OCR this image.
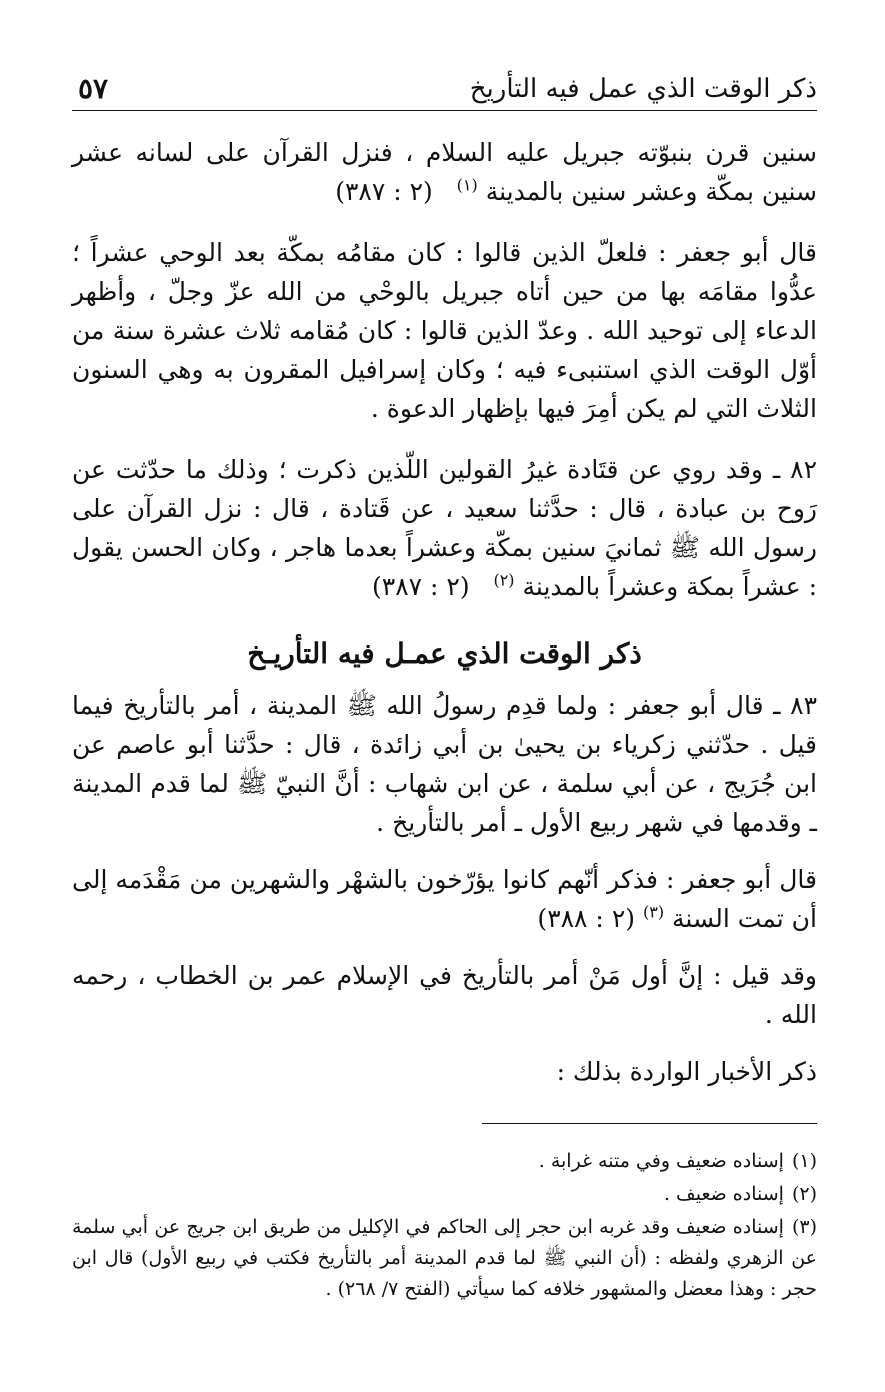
ذكر الوقت الذي عمل فيه التأريخ
٥٧

سنين قرن بنبوّته جبريل عليه السلام ، فنزل القرآن على لسانه عشر سنين بمكّة وعشر سنين بالمدينة $^{(١)}$   (٢ : ٣٨٧)

قال أبو جعفر : فلعلّ الذين قالوا : كان مقامُه بمكّة بعد الوحي عشراً ؛ عدُّوا مقامَه بها من حين أتاه جبريل بالوحْي من الله عزّ وجلّ ، وأظهر الدعاء إلى توحيد الله . وعدّ الذين قالوا : كان مُقامه ثلاث عشرة سنة من أوّل الوقت الذي استنبىء فيه ؛ وكان إسرافيل المقرون به وهي السنون الثلاث التي لم يكن أمِرَ فيها بإظهار الدعوة .

٨٢ ـ وقد روي عن قتَادة غيرُ القولين اللّذين ذكرت ؛ وذلك ما حدّثت عن رَوح بن عبادة ، قال : حدَّثنا سعيد ، عن قَتادة ، قال : نزل القرآن على رسول الله ﷺ ثمانيَ سنين بمكّة وعشراً بعدما هاجر ، وكان الحسن يقول : عشراً بمكة وعشراً بالمدينة $^{(٢)}$   (٢ : ٣٨٧)

ذكر الوقت الذي عمـل فيه التأريـخ

٨٣ ـ قال أبو جعفر : ولما قدِم رسولُ الله ﷺ المدينة ، أمر بالتأريخ فيما قيل . حدّثني زكرياء بن يحيىٰ بن أبي زائدة ، قال : حدَّثنا أبو عاصم عن ابن جُرَيج ، عن أبي سلمة ، عن ابن شهاب : أنَّ النبيّ ﷺ لما قدم المدينة ـ وقدمها في شهر ربيع الأول ـ أمر بالتأريخ .

قال أبو جعفر : فذكر أنّهم كانوا يؤرّخون بالشهْر والشهرين من مَقْدَمه إلى أن تمت السنة $^{(٣)}$ (٢ : ٣٨٨)

وقد قيل : إنَّ أول مَنْ أمر بالتأريخ في الإسلام عمر بن الخطاب ، رحمه الله .

ذكر الأخبار الواردة بذلك :

(١)إسناده ضعيف وفي متنه غرابة .

(٢)إسناده ضعيف .

(٣)إسناده ضعيف وقد غربه ابن حجر إلى الحاكم في الإكليل من طريق ابن جريج عن أبي سلمة عن الزهري ولفظه : (أن النبي ﷺ لما قدم المدينة أمر بالتأريخ فكتب في ربيع الأول) قال ابن حجر : وهذا معضل والمشهور خلافه كما سيأتي (الفتح ٧/ ٢٦٨) .
